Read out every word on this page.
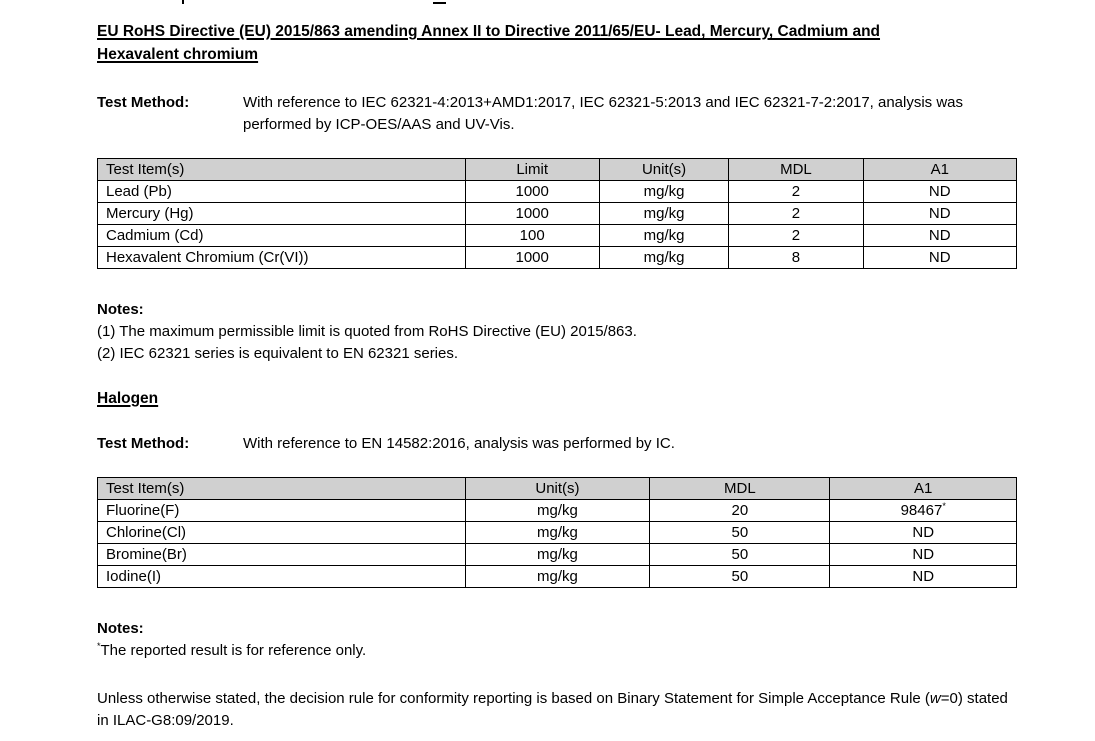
EU RoHS Directive (EU) 2015/863 amending Annex II to Directive 2011/65/EU- Lead, Mercury, Cadmium and Hexavalent chromium
Test Method:	With reference to IEC 62321-4:2013+AMD1:2017, IEC 62321-5:2013 and IEC 62321-7-2:2017, analysis was performed by ICP-OES/AAS and UV-Vis.
Test Item(s)	Limit	Unit(s)	MDL	A1
Lead (Pb)	1000	mg/kg	2	ND
Mercury (Hg)	1000	mg/kg	2	ND
Cadmium (Cd)	100	mg/kg	2	ND
Hexavalent Chromium (Cr(VI))	1000	mg/kg	8	ND
Notes:

(1) The maximum permissible limit is quoted from RoHS Directive (EU) 2015/863.

(2) IEC 62321 series is equivalent to EN 62321 series.

Halogen
Test Method:	With reference to EN 14582:2016, analysis was performed by IC.
Test Item(s)	Unit(s)	MDL	A1
Fluorine(F)	mg/kg	20	98467*
Chlorine(Cl)	mg/kg	50	ND
Bromine(Br)	mg/kg	50	ND
Iodine(I)	mg/kg	50	ND
Notes:

*The reported result is for reference only.

Unless otherwise stated, the decision rule for conformity reporting is based on Binary Statement for Simple Acceptance Rule (w=0) stated in ILAC-G8:09/2019.
